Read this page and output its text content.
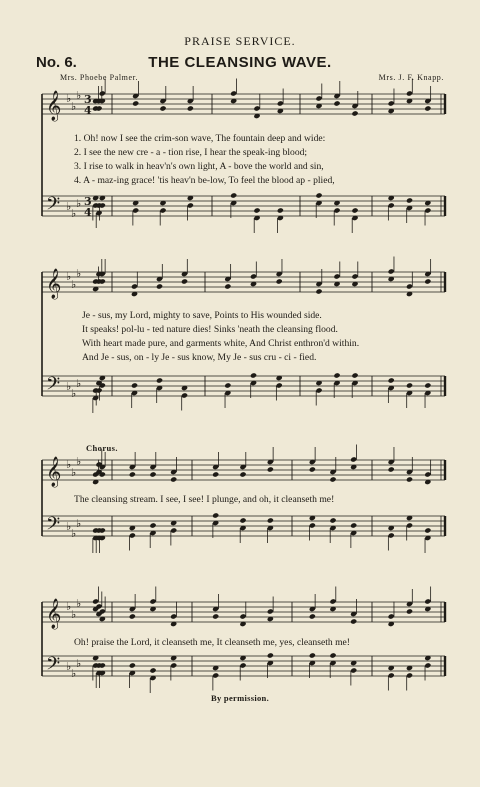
PRAISE SERVICE.
No. 6.	THE CLEANSING WAVE.
Mrs. Phoebe Palmer.	Mrs. J. F. Knapp.
𝄞 ♭
♭
♭ 3
4
𝄢 ♭
♭
♭ 3
4
𝄞 ♭
♭
♭
𝄢 ♭
♭
♭
𝄞 ♭
♭
♭
𝄢 ♭
♭
♭
𝄞 ♭
♭
♭
𝄢 ♭
♭
♭
1. Oh! now I see the crim-son wave, The fountain deep and wide:
2. I see the new cre - a - tion rise, I hear the speak-ing blood;
3. I rise to walk in heav'n's own light, A - bove the world and sin,
4. A - maz-ing grace! 'tis heav'n be-low, To feel the blood ap - plied,
Je - sus, my Lord, mighty to save, Points to His wounded side.
It speaks! pol-lu - ted nature dies! Sinks 'neath the cleansing flood.
With heart made pure, and garments white, And Christ enthron'd within.
And Je - sus, on - ly Je - sus know, My Je - sus cru - ci - fied.
Chorus.
The cleansing stream. I see, I see! I plunge, and oh, it cleanseth me!
Oh! praise the Lord, it cleanseth me, It cleanseth me, yes, cleanseth me!
By permission.
